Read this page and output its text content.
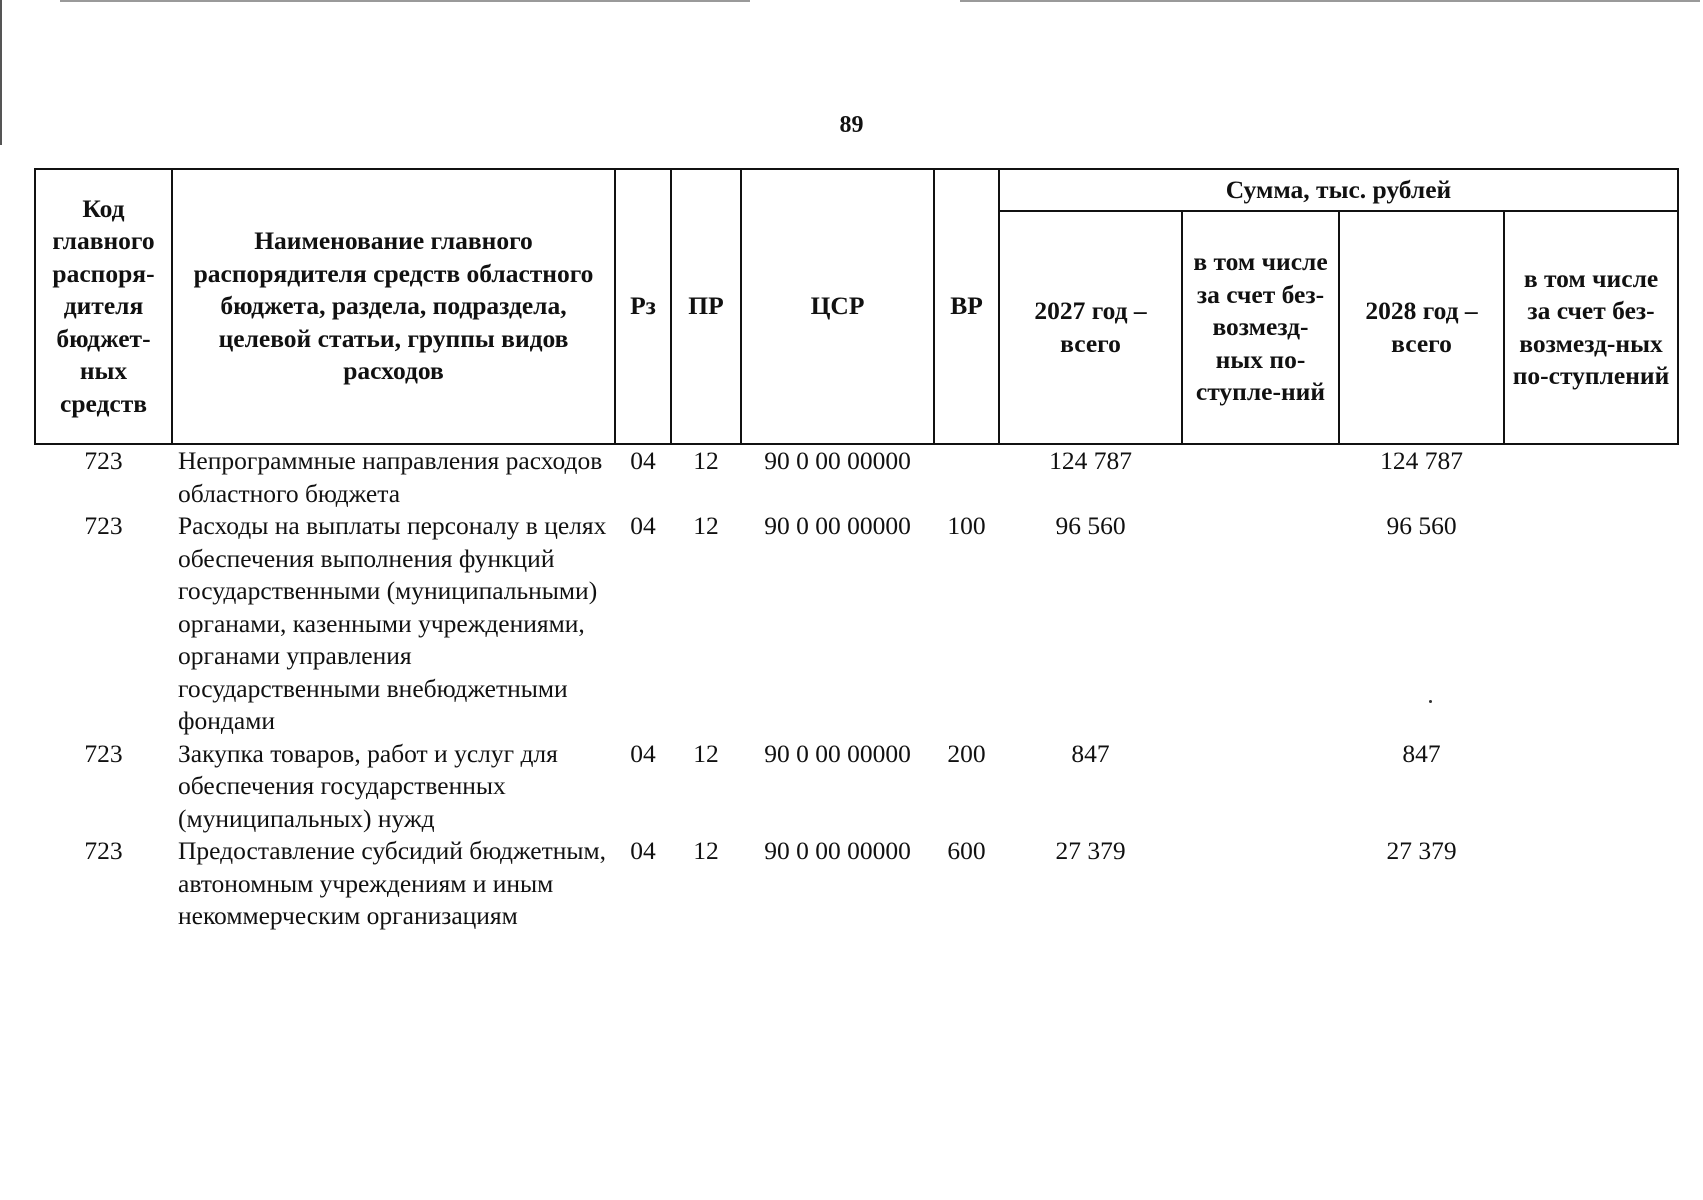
89
Код главного распоря-дителя бюджет-ных средств	Наименование главного распорядителя средств областного бюджета, раздела, подраздела, целевой статьи, группы видов расходов	Рз	ПР	ЦСР	ВР	Сумма, тыс. рублей			
						2027 год – всего	в том числе за счет без-возмезд-ных по-ступле-ний	2028 год – всего	в том числе за счет без-возмезд-ных по-ступлений
723	Непрограммные направления расходов областного бюджета	04	12	90 0 00 00000		124 787		124 787	
723	Расходы на выплаты персоналу в целях обеспечения выполнения функций государственными (муниципальными) органами, казенными учреждениями, органами управления государственными внебюджетными фондами	04	12	90 0 00 00000	100	96 560		96 560	
723	Закупка товаров, работ и услуг для обеспечения государственных (муниципальных) нужд	04	12	90 0 00 00000	200	847		847	
723	Предоставление субсидий бюджетным, автономным учреждениям и иным некоммерческим организациям	04	12	90 0 00 00000	600	27 379		27 379	
